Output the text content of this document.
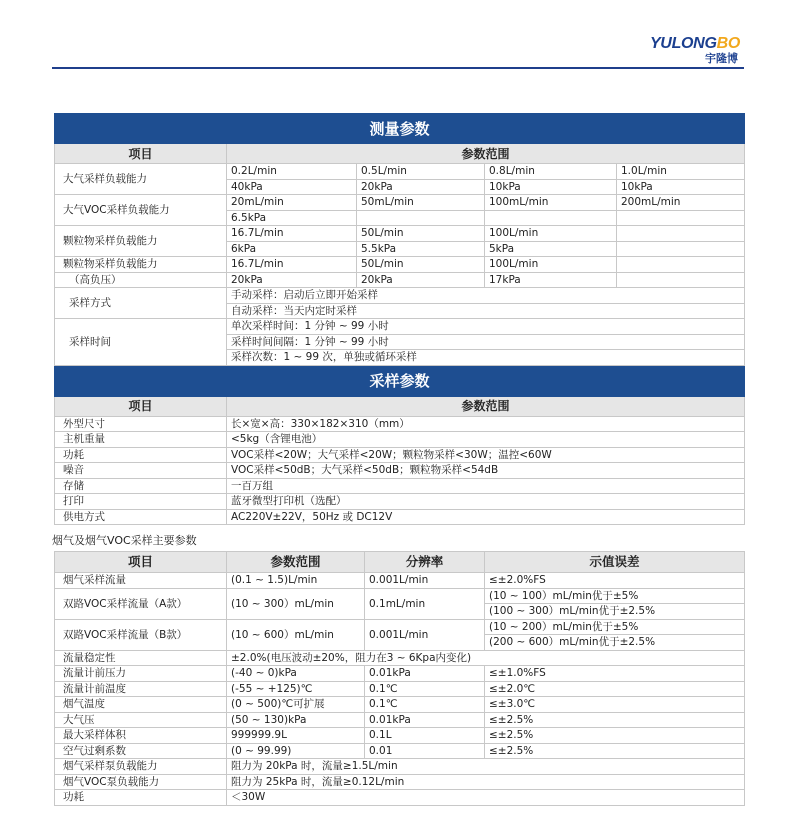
YULONGBO
宇隆博
测量参数				
项目	参数范围			
大气采样负载能力	0.2L/min	0.5L/min	0.8L/min	1.0L/min
	40kPa	20kPa	10kPa	10kPa
大气VOC采样负载能力	20mL/min	50mL/min	100mL/min	200mL/min
	6.5kPa			
颗粒物采样负载能力	16.7L/min	50L/min	100L/min	
	6kPa	5.5kPa	5kPa	
颗粒物采样负载能力	16.7L/min	50L/min	100L/min	
（高负压）	20kPa	20kPa	17kPa	
采样方式	手动采样：启动后立即开始采样			
	自动采样：当天内定时采样			
采样时间	单次采样时间：1 分钟 ~ 99 小时			
	采样时间间隔：1 分钟 ~ 99 小时			
	采样次数：1 ~ 99 次，单独或循环采样			
采样参数	
项目	参数范围
外型尺寸	长×宽×高：330×182×310（mm）
主机重量	<5kg（含锂电池）
功耗	VOC采样<20W；大气采样<20W；颗粒物采样<30W；温控<60W
噪音	VOC采样<50dB；大气采样<50dB；颗粒物采样<54dB
存储	一百万组
打印	蓝牙微型打印机（选配）
供电方式	AC220V±22V，50Hz 或 DC12V
烟气及烟气VOC采样主要参数
项目	参数范围	分辨率	示值误差
烟气采样流量	(0.1 ~ 1.5)L/min	0.001L/min	≤±2.0%FS
双路VOC采样流量（A款）	(10 ~ 300）mL/min	0.1mL/min	(10 ~ 100）mL/min优于±5%
			(100 ~ 300）mL/min优于±2.5%
双路VOC采样流量（B款）	(10 ~ 600）mL/min	0.001L/min	(10 ~ 200）mL/min优于±5%
			(200 ~ 600）mL/min优于±2.5%
流量稳定性	±2.0%(电压波动±20%，阻力在3 ~ 6Kpa内变化)		
流量计前压力	(-40 ~ 0)kPa	0.01kPa	≤±1.0%FS
流量计前温度	(-55 ~ +125)℃	0.1℃	≤±2.0℃
烟气温度	(0 ~ 500)℃可扩展	0.1℃	≤±3.0℃
大气压	(50 ~ 130)kPa	0.01kPa	≤±2.5%
最大采样体积	999999.9L	0.1L	≤±2.5%
空气过剩系数	(0 ~ 99.99)	0.01	≤±2.5%
烟气采样泵负载能力	阻力为 20kPa 时，流量≥1.5L/min		
烟气VOC泵负载能力	阻力为 25kPa 时，流量≥0.12L/min		
功耗	＜30W		
